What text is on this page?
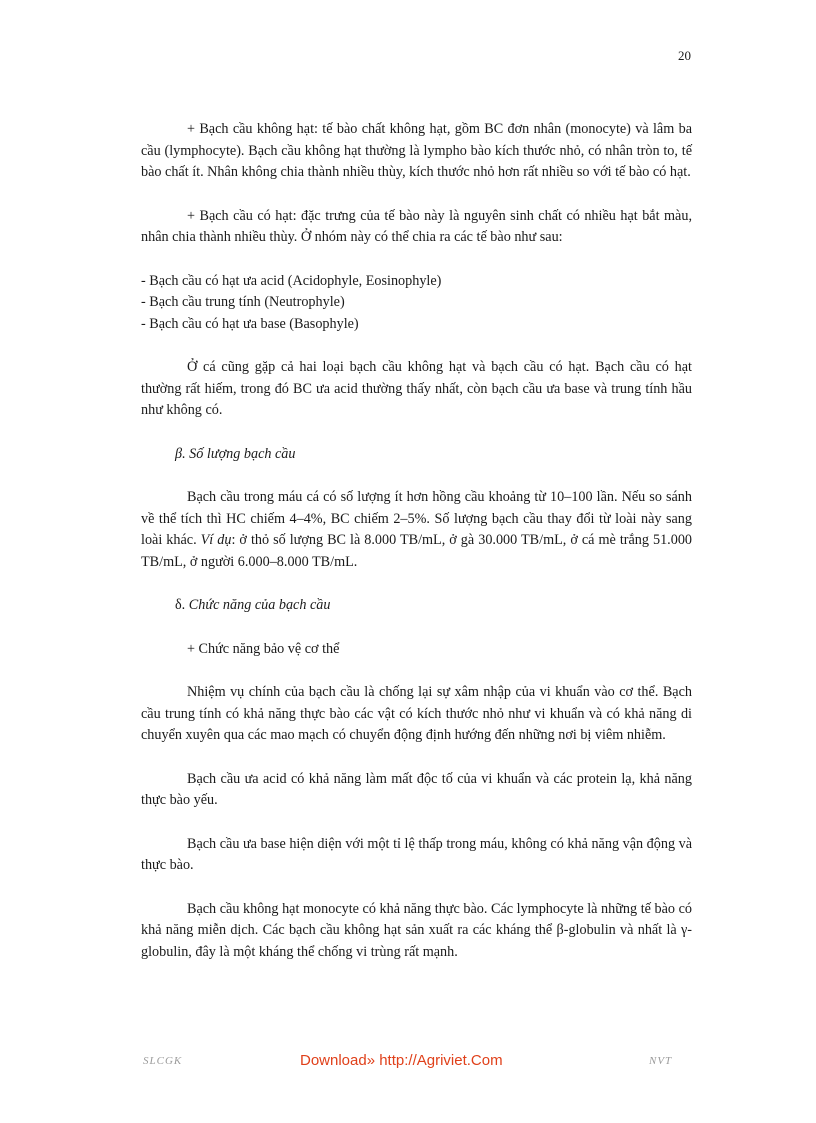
20

+ Bạch cầu không hạt: tế bào chất không hạt, gồm BC đơn nhân (monocyte) và lâm ba cầu (lymphocyte). Bạch cầu không hạt thường là lympho bào kích thước nhỏ, có nhân tròn to, tế bào chất ít. Nhân không chia thành nhiều thùy, kích thước nhỏ hơn rất nhiều so với tế bào có hạt.

+ Bạch cầu có hạt: đặc trưng của tế bào này là nguyên sinh chất có nhiều hạt bắt màu, nhân chia thành nhiều thùy. Ở nhóm này có thể chia ra các tế bào như sau:

- Bạch cầu có hạt ưa acid (Acidophyle, Eosinophyle)
- Bạch cầu trung tính (Neutrophyle)
- Bạch cầu có hạt ưa base (Basophyle)

Ở cá cũng gặp cả hai loại bạch cầu không hạt và bạch cầu có hạt. Bạch cầu có hạt thường rất hiếm, trong đó BC ưa acid thường thấy nhất, còn bạch cầu ưa base và trung tính hầu như không có.

β. Số lượng bạch cầu

Bạch cầu trong máu cá có số lượng ít hơn hồng cầu khoảng từ 10–100 lần. Nếu so sánh về thể tích thì HC chiếm 4–4%, BC chiếm 2–5%. Số lượng bạch cầu thay đổi từ loài này sang loài khác. Ví dụ: ở thỏ số lượng BC là 8.000 TB/mL, ở gà 30.000 TB/mL, ở cá mè trắng 51.000 TB/mL, ở người 6.000–8.000 TB/mL.

δ. Chức năng của bạch cầu

+ Chức năng bảo vệ cơ thể

Nhiệm vụ chính của bạch cầu là chống lại sự xâm nhập của vi khuẩn vào cơ thể. Bạch cầu trung tính có khả năng thực bào các vật có kích thước nhỏ như vi khuẩn và có khả năng di chuyển xuyên qua các mao mạch có chuyển động định hướng đến những nơi bị viêm nhiễm.

Bạch cầu ưa acid có khả năng làm mất độc tố của vi khuẩn và các protein lạ, khả năng thực bào yếu.

Bạch cầu ưa base hiện diện với một tỉ lệ thấp trong máu, không có khả năng vận động và thực bào.

Bạch cầu không hạt monocyte có khả năng thực bào. Các lymphocyte là những tế bào có khả năng miễn dịch. Các bạch cầu không hạt sản xuất ra các kháng thể β-globulin và nhất là γ-globulin, đây là một kháng thể chống vi trùng rất mạnh.

SLCGK	Download» http://Agriviet.Com	NVT
